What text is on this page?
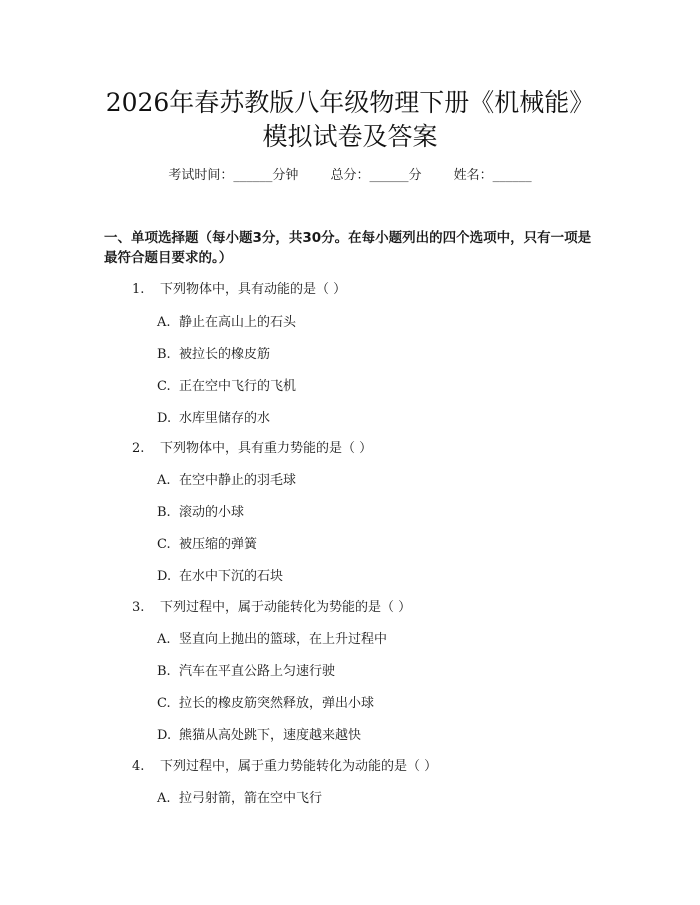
2026年春苏教版八年级物理下册《机械能》
模拟试卷及答案
考试时间：______分钟 总分：______分 姓名：______
一、单项选择题（每小题3分，共30分。在每小题列出的四个选项中，只有一项是最符合题目要求的。）
1. 下列物体中，具有动能的是（ ）
A. 静止在高山上的石头
B. 被拉长的橡皮筋
C. 正在空中飞行的飞机
D. 水库里储存的水
2. 下列物体中，具有重力势能的是（ ）
A. 在空中静止的羽毛球
B. 滚动的小球
C. 被压缩的弹簧
D. 在水中下沉的石块
3. 下列过程中，属于动能转化为势能的是（ ）
A. 竖直向上抛出的篮球，在上升过程中
B. 汽车在平直公路上匀速行驶
C. 拉长的橡皮筋突然释放，弹出小球
D. 熊猫从高处跳下，速度越来越快
4. 下列过程中，属于重力势能转化为动能的是（ ）
A. 拉弓射箭，箭在空中飞行
